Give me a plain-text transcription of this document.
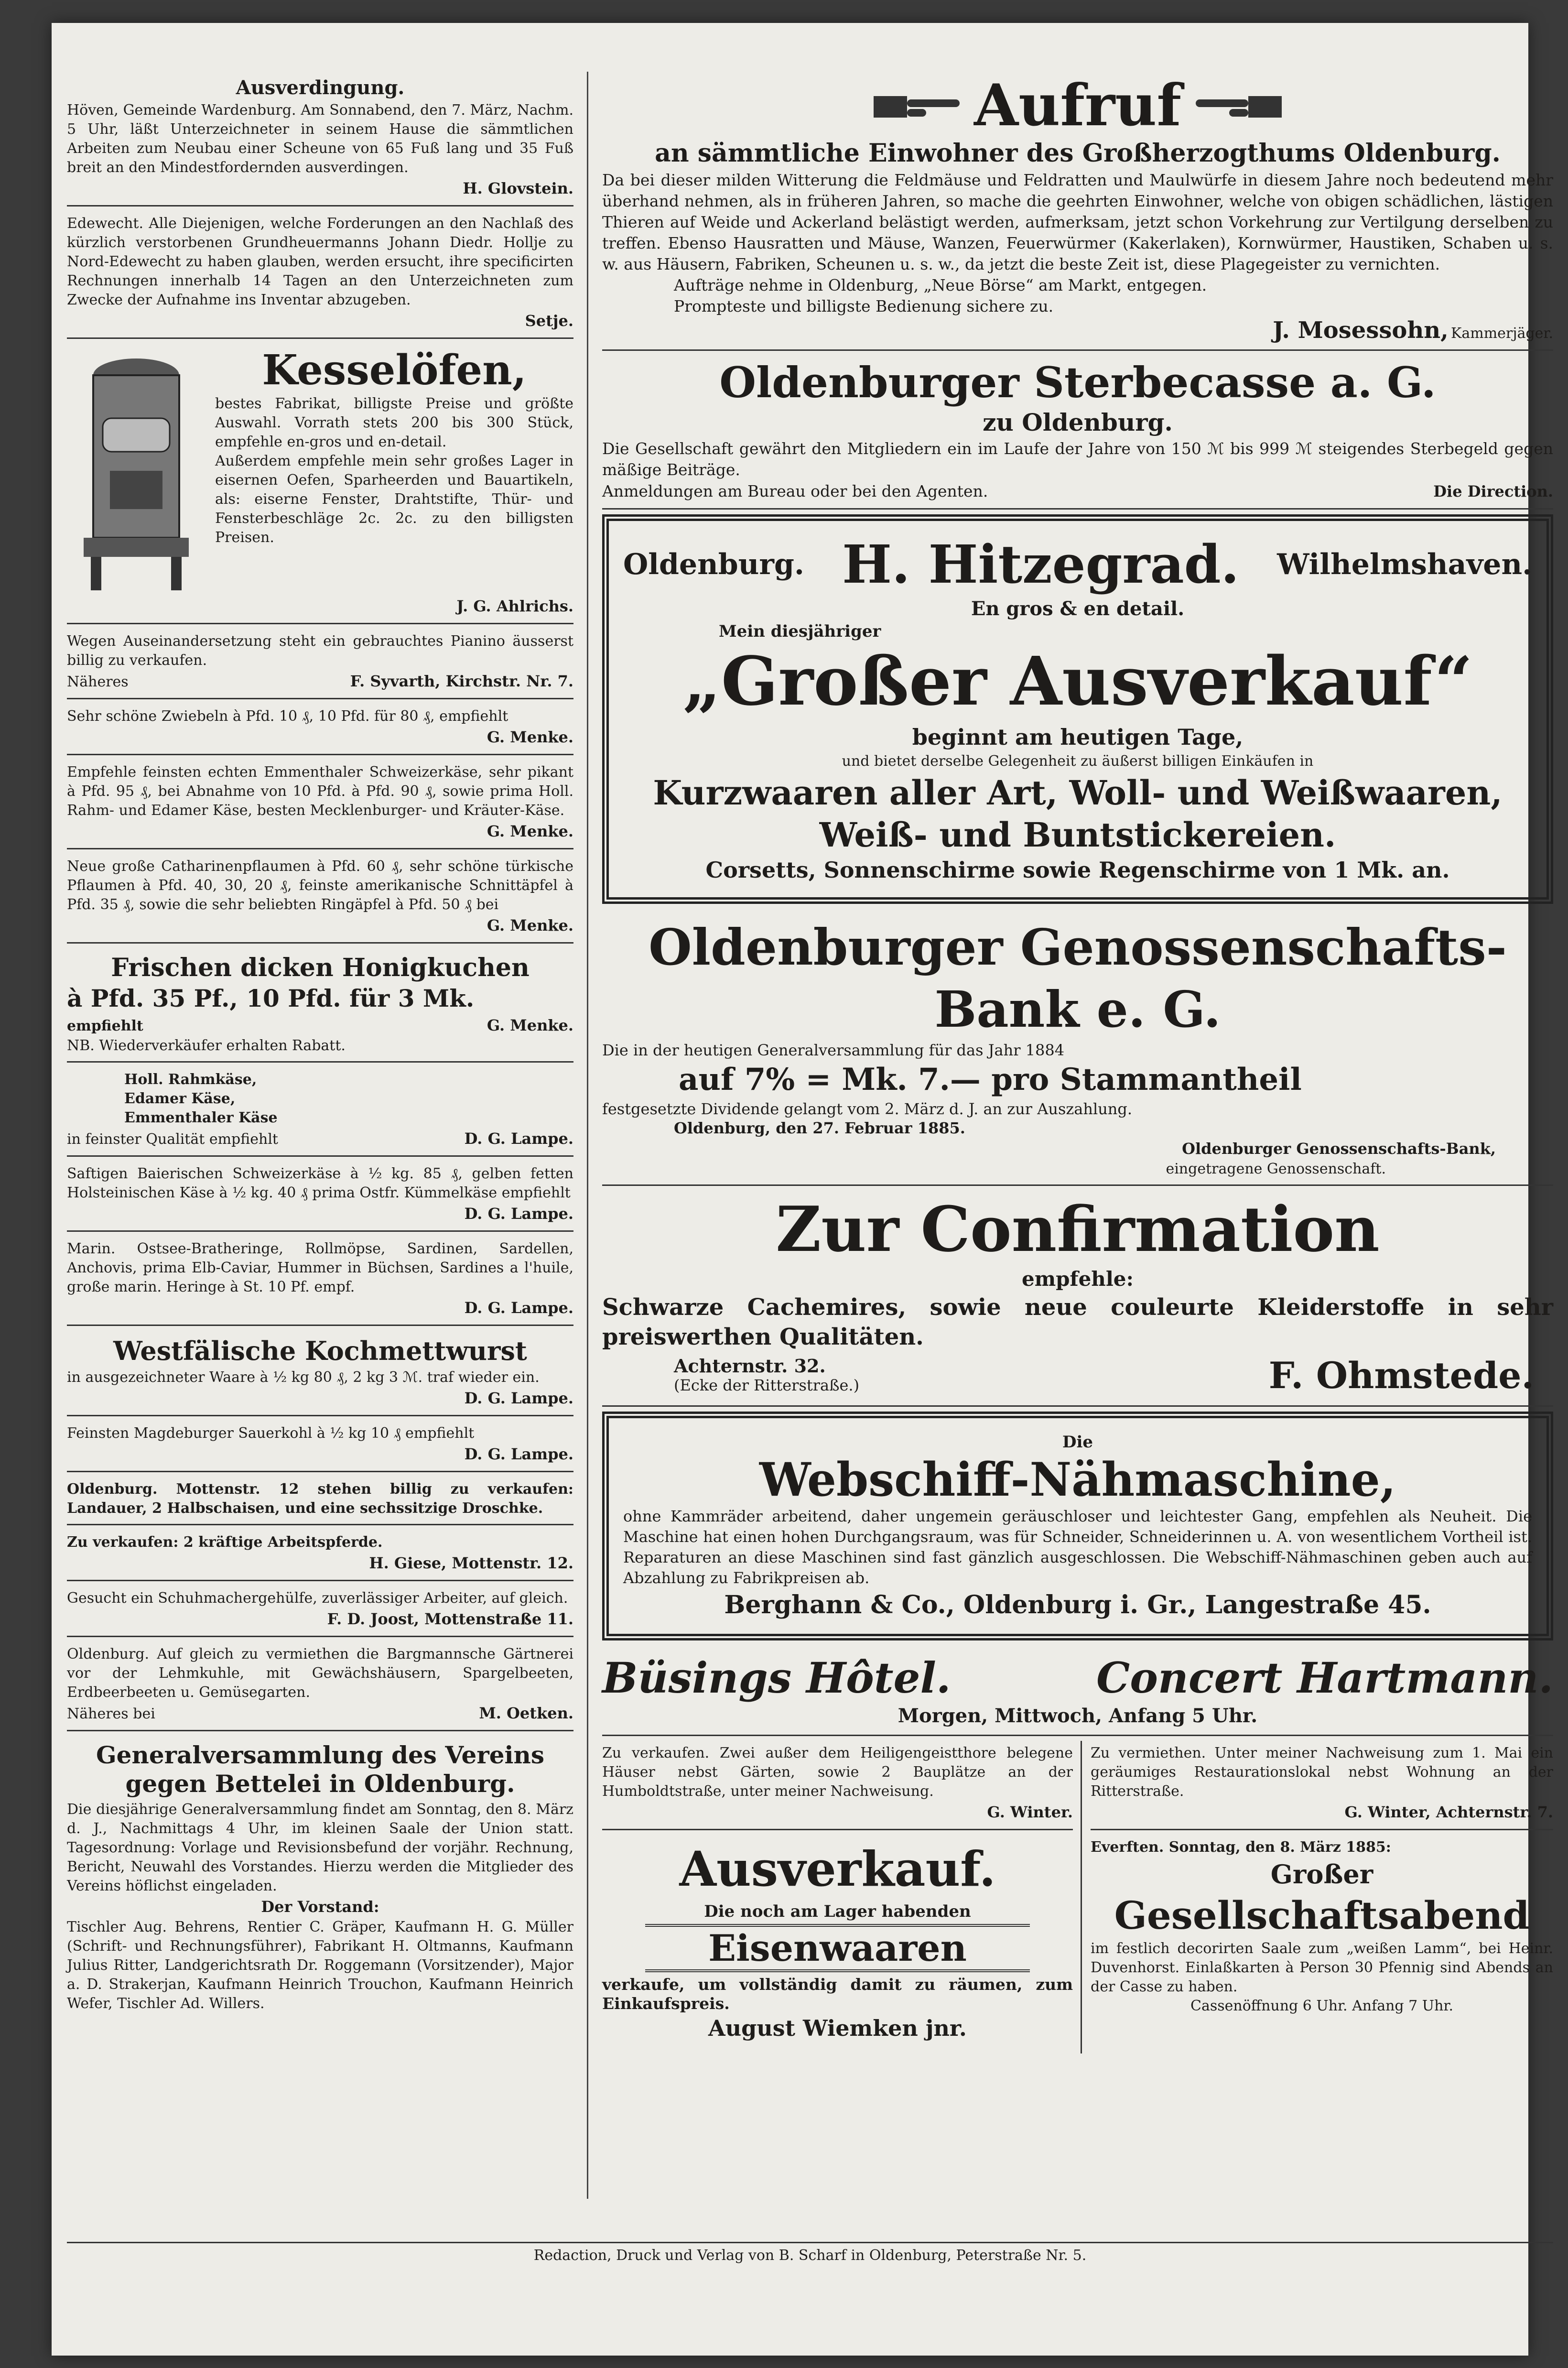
Ausverdingung.

Höven, Gemeinde Wardenburg. Am Sonnabend, den 7. März, Nachm. 5 Uhr, läßt Unterzeichneter in seinem Hause die sämmtlichen Arbeiten zum Neubau einer Scheune von 65 Fuß lang und 35 Fuß breit an den Mindestfordernden ausverdingen.

H. Glovstein.

Edewecht. Alle Diejenigen, welche Forderungen an den Nachlaß des kürzlich verstorbenen Grundheuermanns Johann Diedr. Hollje zu Nord-Edewecht zu haben glauben, werden ersucht, ihre specificirten Rechnungen innerhalb 14 Tagen an den Unterzeichneten zum Zwecke der Aufnahme ins Inventar abzugeben.

Setje.
Kesselöfen,

bestes Fabrikat, billigste Preise und größte Auswahl. Vorrath stets 200 bis 300 Stück, empfehle en-gros und en-detail.

Außerdem empfehle mein sehr großes Lager in eisernen Oefen, Sparheerden und Bauartikeln, als: eiserne Fenster, Drahtstifte, Thür- und Fensterbeschläge 2c. 2c. zu den billigsten Preisen.

J. G. Ahlrichs.

Wegen Auseinandersetzung steht ein gebrauchtes Pianino äusserst billig zu verkaufen.

Näheres	F. Syvarth, Kirchstr. Nr. 7.

Sehr schöne Zwiebeln à Pfd. 10 ₰, 10 Pfd. für 80 ₰, empfiehlt

G. Menke.

Empfehle feinsten echten Emmenthaler Schweizerkäse, sehr pikant à Pfd. 95 ₰, bei Abnahme von 10 Pfd. à Pfd. 90 ₰, sowie prima Holl. Rahm- und Edamer Käse, besten Mecklenburger- und Kräuter-Käse.

G. Menke.

Neue große Catharinenpflaumen à Pfd. 60 ₰, sehr schöne türkische Pflaumen à Pfd. 40, 30, 20 ₰, feinste amerikanische Schnittäpfel à Pfd. 35 ₰, sowie die sehr beliebten Ringäpfel à Pfd. 50 ₰ bei

G. Menke.
Frischen dicken Honigkuchen
à Pfd. 35 Pf., 10 Pfd. für 3 Mk.
empfiehlt	G. Menke.

NB. Wiederverkäufer erhalten Rabatt.

Holl. Rahmkäse,

Edamer Käse,

Emmenthaler Käse

in feinster Qualität empfiehlt	D. G. Lampe.

Saftigen Baierischen Schweizerkäse à ½ kg. 85 ₰, gelben fetten Holsteinischen Käse à ½ kg. 40 ₰ prima Ostfr. Kümmelkäse empfiehlt

D. G. Lampe.

Marin. Ostsee-Bratheringe, Rollmöpse, Sardinen, Sardellen, Anchovis, prima Elb-Caviar, Hummer in Büchsen, Sardines a l'huile, große marin. Heringe à St. 10 Pf. empf.

D. G. Lampe.
Westfälische Kochmettwurst

in ausgezeichneter Waare à ½ kg 80 ₰, 2 kg 3 ℳ. traf wieder ein.

D. G. Lampe.

Feinsten Magdeburger Sauerkohl à ½ kg 10 ₰ empfiehlt

D. G. Lampe.

Oldenburg. Mottenstr. 12 stehen billig zu verkaufen: Landauer, 2 Halbschaisen, und eine sechssitzige Droschke.

Zu verkaufen: 2 kräftige Arbeitspferde.

H. Giese, Mottenstr. 12.

Gesucht ein Schuhmachergehülfe, zuverlässiger Arbeiter, auf gleich.

F. D. Joost, Mottenstraße 11.

Oldenburg. Auf gleich zu vermiethen die Bargmannsche Gärtnerei vor der Lehmkuhle, mit Gewächshäusern, Spargelbeeten, Erdbeerbeeten u. Gemüsegarten.

Näheres bei	M. Oetken.
Generalversammlung des Vereins gegen Bettelei in Oldenburg.

Die diesjährige Generalversammlung findet am Sonntag, den 8. März d. J., Nachmittags 4 Uhr, im kleinen Saale der Union statt. Tagesordnung: Vorlage und Revisionsbefund der vorjähr. Rechnung, Bericht, Neuwahl des Vorstandes. Hierzu werden die Mitglieder des Vereins höflichst eingeladen.

Der Vorstand:

Tischler Aug. Behrens, Rentier C. Gräper, Kaufmann H. G. Müller (Schrift- und Rechnungsführer), Fabrikant H. Oltmanns, Kaufmann Julius Ritter, Landgerichtsrath Dr. Roggemann (Vorsitzender), Major a. D. Strakerjan, Kaufmann Heinrich Trouchon, Kaufmann Heinrich Wefer, Tischler Ad. Willers.

Aufruf
an sämmtliche Einwohner des Großherzogthums Oldenburg.

Da bei dieser milden Witterung die Feldmäuse und Feldratten und Maulwürfe in diesem Jahre noch bedeutend mehr überhand nehmen, als in früheren Jahren, so mache die geehrten Einwohner, welche von obigen schädlichen, lästigen Thieren auf Weide und Ackerland belästigt werden, aufmerksam, jetzt schon Vorkehrung zur Vertilgung derselben zu treffen. Ebenso Hausratten und Mäuse, Wanzen, Feuerwürmer (Kakerlaken), Kornwürmer, Haustiken, Schaben u. s. w. aus Häusern, Fabriken, Scheunen u. s. w., da jetzt die beste Zeit ist, diese Plagegeister zu vernichten.

Aufträge nehme in Oldenburg, „Neue Börse“ am Markt, entgegen.

Prompteste und billigste Bedienung sichere zu.

J. Mosessohn, Kammerjäger.
Oldenburger Sterbecasse a. G.
zu Oldenburg.

Die Gesellschaft gewährt den Mitgliedern ein im Laufe der Jahre von 150 ℳ bis 999 ℳ steigendes Sterbegeld gegen mäßige Beiträge.

Anmeldungen am Bureau oder bei den Agenten.	Die Direction.
Oldenburg. H. Hitzegrad. Wilhelmshaven.
En gros & en detail.
Mein diesjähriger
„Großer Ausverkauf“
beginnt am heutigen Tage,
und bietet derselbe Gelegenheit zu äußerst billigen Einkäufen in
Kurzwaaren aller Art, Woll- und Weißwaaren,
Weiß- und Buntstickereien.
Corsetts, Sonnenschirme sowie Regenschirme von 1 Mk. an.
Oldenburger Genossenschafts-Bank e. G.

Die in der heutigen Generalversammlung für das Jahr 1884

auf 7% = Mk. 7.— pro Stammantheil

festgesetzte Dividende gelangt vom 2. März d. J. an zur Auszahlung.

Oldenburg, den 27. Februar 1885.

Oldenburger Genossenschafts-Bank,
eingetragene Genossenschaft.
Zur Confirmation
empfehle:

Schwarze Cachemires, sowie neue couleurte Kleiderstoffe in sehr preiswerthen Qualitäten.

Achternstr. 32.
(Ecke der Ritterstraße.)	F. Ohmstede.
Die
Webschiff-Nähmaschine,

ohne Kammräder arbeitend, daher ungemein geräuschloser und leichtester Gang, empfehlen als Neuheit. Die Maschine hat einen hohen Durchgangsraum, was für Schneider, Schneiderinnen u. A. von wesentlichem Vortheil ist. Reparaturen an diese Maschinen sind fast gänzlich ausgeschlossen. Die Webschiff-Nähmaschinen geben auch auf Abzahlung zu Fabrikpreisen ab.

Berghann & Co., Oldenburg i. Gr., Langestraße 45.
Büsings Hôtel.	Concert Hartmann.
Morgen, Mittwoch, Anfang 5 Uhr.

Zu verkaufen. Zwei außer dem Heiligengeistthore belegene Häuser nebst Gärten, sowie 2 Bauplätze an der Humboldtstraße, unter meiner Nachweisung.

G. Winter.
Ausverkauf.
Die noch am Lager habenden
Eisenwaaren

verkaufe, um vollständig damit zu räumen, zum Einkaufspreis.

August Wiemken jnr.

Zu vermiethen. Unter meiner Nachweisung zum 1. Mai ein geräumiges Restaurationslokal nebst Wohnung an der Ritterstraße.

G. Winter, Achternstr. 7.
Everften. Sonntag, den 8. März 1885:
Großer
Gesellschaftsabend

im festlich decorirten Saale zum „weißen Lamm“, bei Heinr. Duvenhorst. Einlaßkarten à Person 30 Pfennig sind Abends an der Casse zu haben.

Cassenöffnung 6 Uhr. Anfang 7 Uhr.

Redaction, Druck und Verlag von B. Scharf in Oldenburg, Peterstraße Nr. 5.
